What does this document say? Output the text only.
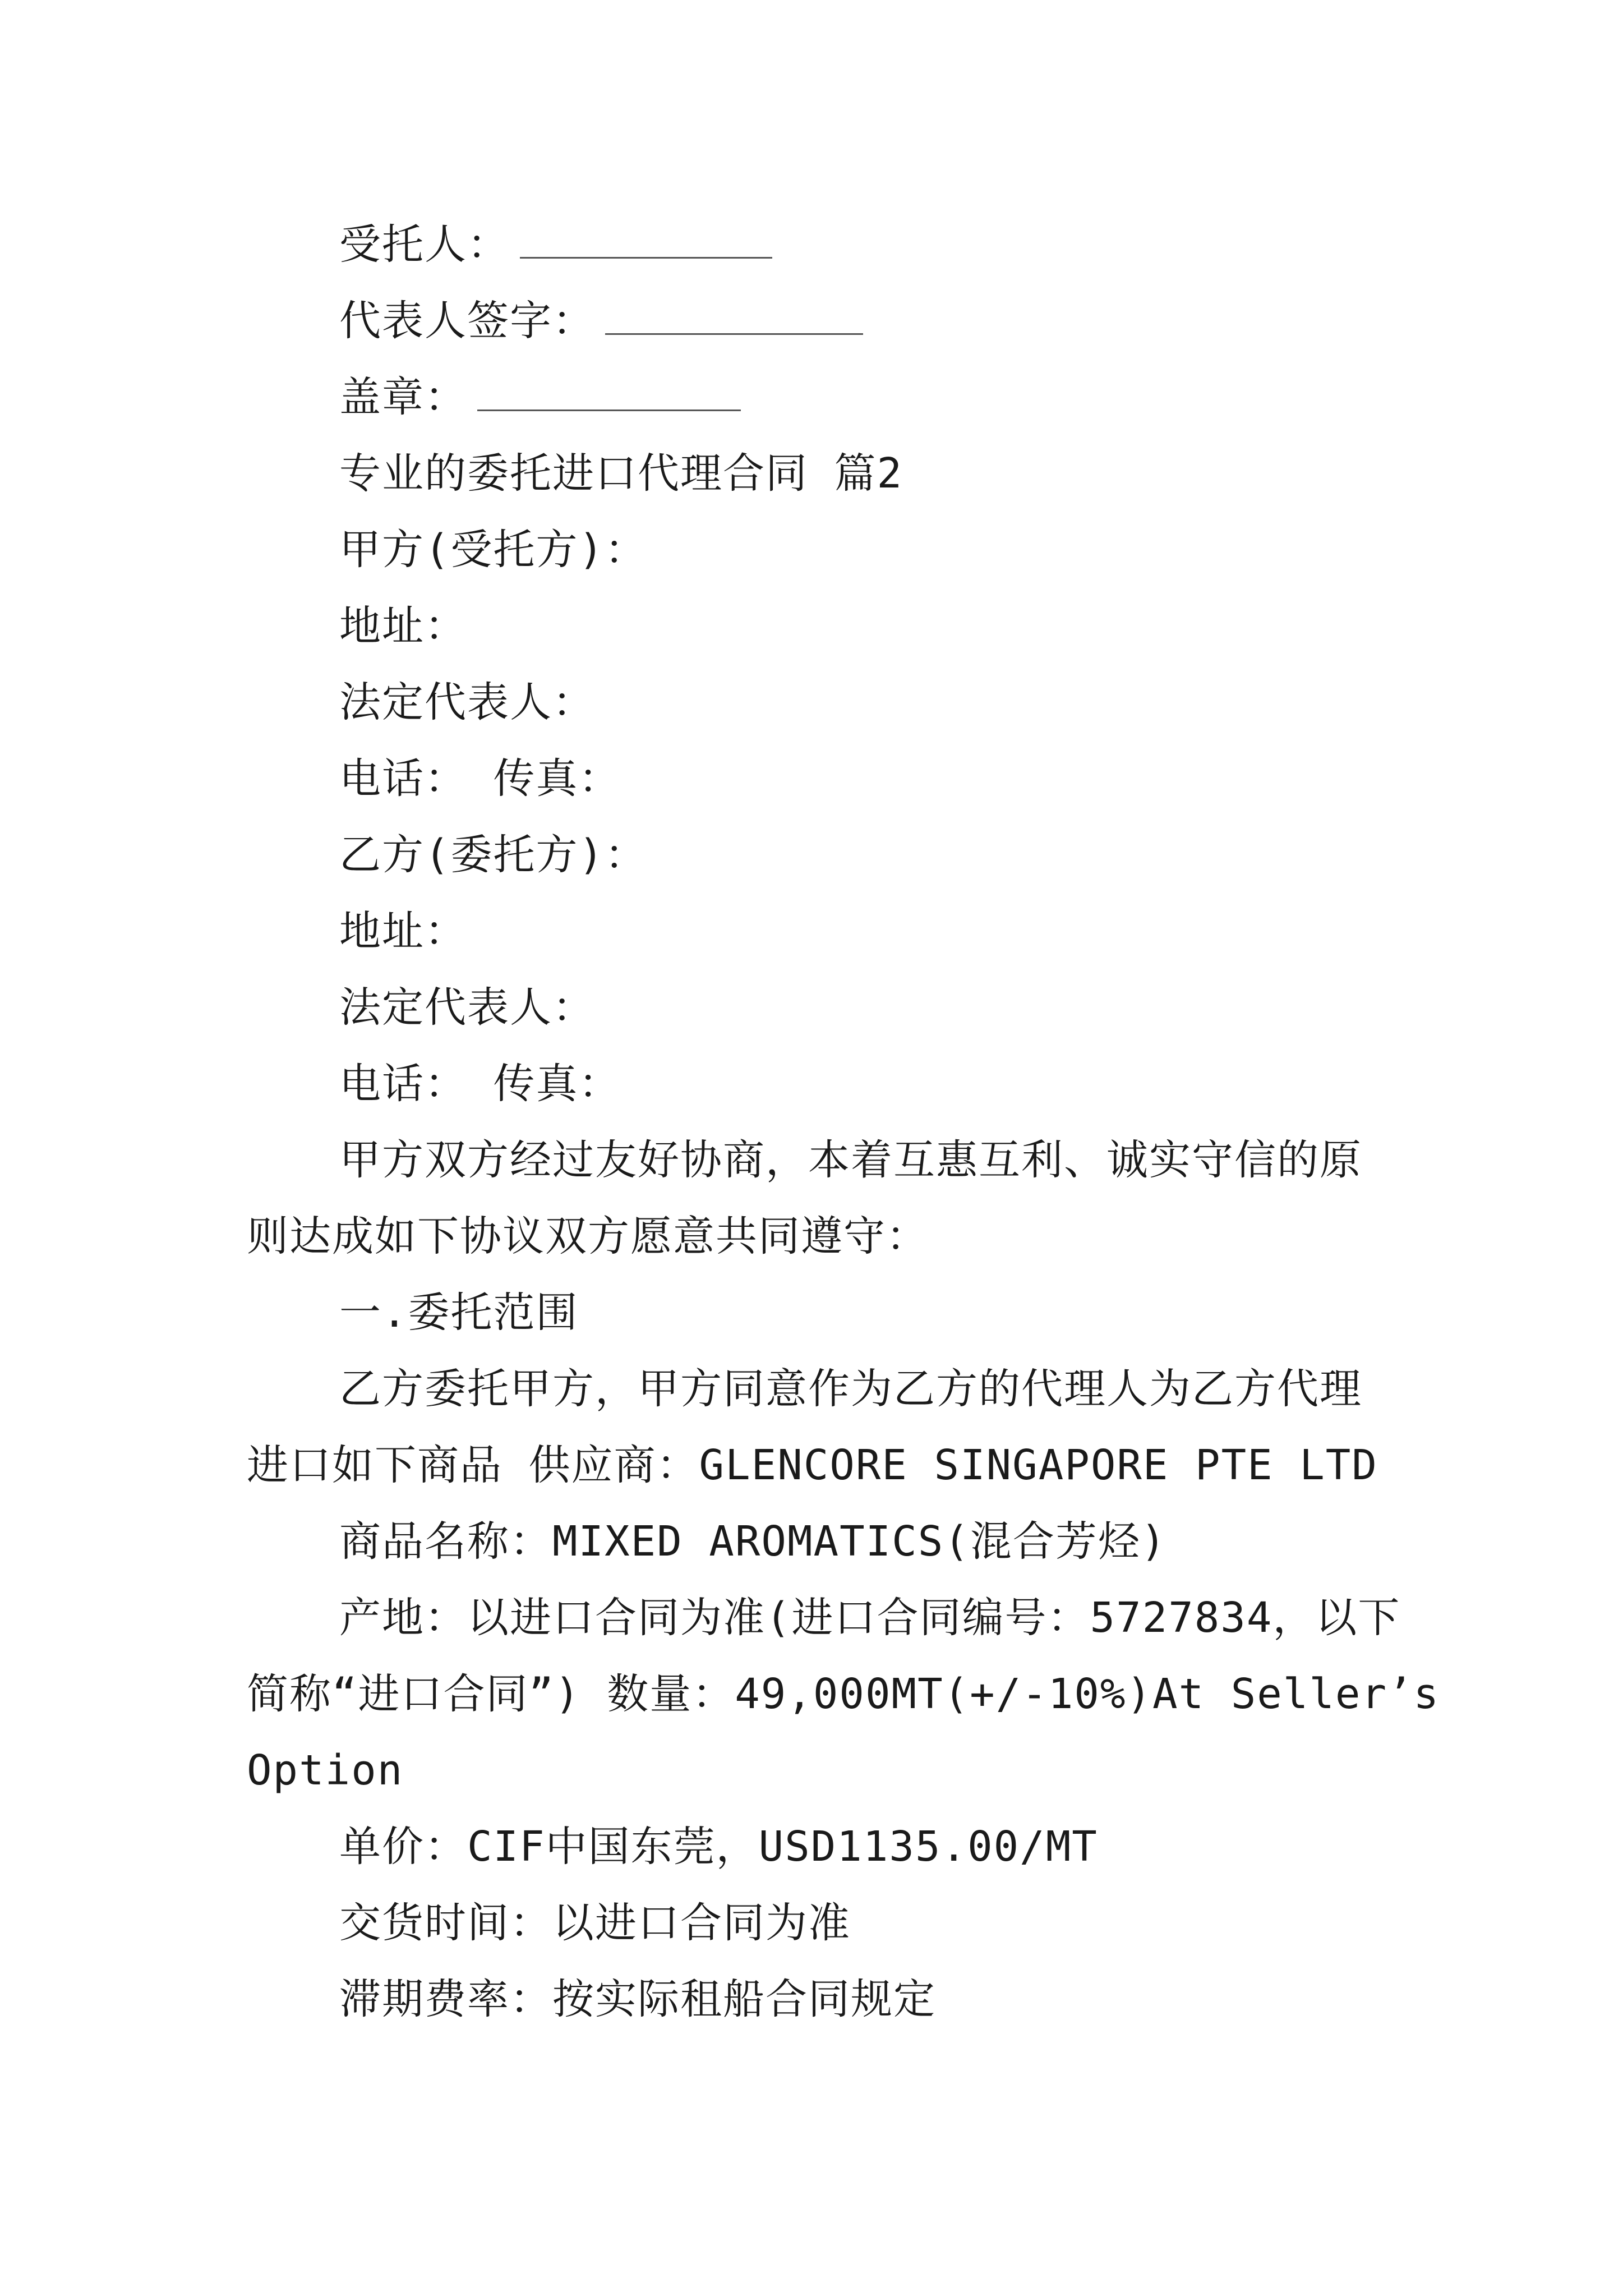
受托人：
代表人签字：
盖章：
专业的委托进口代理合同 篇2
甲方(受托方)：
地址：
法定代表人：
电话： 传真：
乙方(委托方)：
地址：
法定代表人：
电话： 传真：
甲方双方经过友好协商，本着互惠互利、诚实守信的原
则达成如下协议双方愿意共同遵守：
一.委托范围
乙方委托甲方，甲方同意作为乙方的代理人为乙方代理
进口如下商品 供应商：GLENCORE SINGAPORE PTE LTD
商品名称：MIXED AROMATICS(混合芳烃)
产地：以进口合同为准(进口合同编号：5727834，以下
简称“进口合同”) 数量：49,000MT(+/-10%)At Seller’s
Option
单价：CIF中国东莞，USD1135.00/MT
交货时间：以进口合同为准
滞期费率：按实际租船合同规定
